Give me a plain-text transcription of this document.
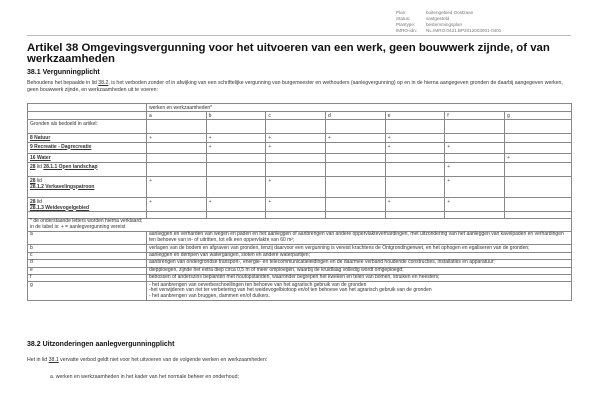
Plan:	buitengebied Oostzaan
Status:	vastgesteld
Plantype:	bestemmingsplan
IMRO-idn:	NL.IMRO.0431.BP2012003001-0401
Artikel 38 Omgevingsvergunning voor het uitvoeren van een werk, geen bouwwerk zijnde, of van werkzaamheden
38.1 Vergunningplicht
Behoudens het bepaalde in lid 38.2, is het verboden zonder of in afwijking van een schriftelijke vergunning van burgemeester en wethouders (aanlegvergunning) op en in de hierna aangegeven gronden de daarbij aangegeven werken, geen bouwwerk zijnde, en werkzaamheden uit te voeren:
	werken en werkzaamheden*						
	a	b	c	d	e	f	g
Gronden als bedoeld in artikel:							
8 Natuur	+	+	+	+	+		
9 Recreatie - Dagrecreatie		+	+		+	+	
16 Water							+
28 lid 28.1.1 Open landschap						+	
28 lid
28.1.2 Verkavelingspatroon	+		+			+	
28 lid
28.1.3 Weidevogelgebied	+	+	+		+	+	

* de onderstaande letters worden hierna verklaard;
in de tabel is: + = aanlegvergunning vereist	

a	aanleggen en verharden van wegen en paden en het aanleggen of aanbrengen van andere oppervlakteverhardingen, met uitzondering van het aanleggen van kavelpaden en verhardingen ten behoeve van in- of uitritten, tot elk een oppervlakte van 60 m²;
b	verlagen van de bodem en afgraven van gronden, tenzij daarvoor een vergunning is vereist krachtens de Ontgrondingenwet, en het ophogen en egaliseren van de gronden;
c	aanleggen en dempen van watergangen, sloten en andere waterpartijen;
d	aanbrengen van ondergrondse transport-, energie- en telecommunicatieleidingen en de daarmee verband houdende constructies, installaties en apparatuur;
e	diepploegen, zijnde het extra diep circa 0,5 m of meer omploegen, waarbij de kruidlaag volledig wordt omgeploegd;
f	bebossen of anderszins beplanten met houtopstanden, waaronder begrepen het kweken en telen van bomen, struiken en heesters;
g	- het aanbrengen van oeverbeschoeilingen ten behoeve van het agrarisch gebruik van de gronden
-het verwijderen van riet ter verbetering van het weidevogelbiotoop en/of ten behoeve van het agrarisch gebruik van de gronden
- het aanbrengen van bruggen, dammen en/of duikers.
38.2 Uitzonderingen aanlegvergunningplicht
Het in lid 38.1 vervatte verbod geldt niet voor het uitvoeren van de volgende werken en werkzaamheden:
a. werken en werkzaamheden in het kader van het normale beheer en onderhoud;
